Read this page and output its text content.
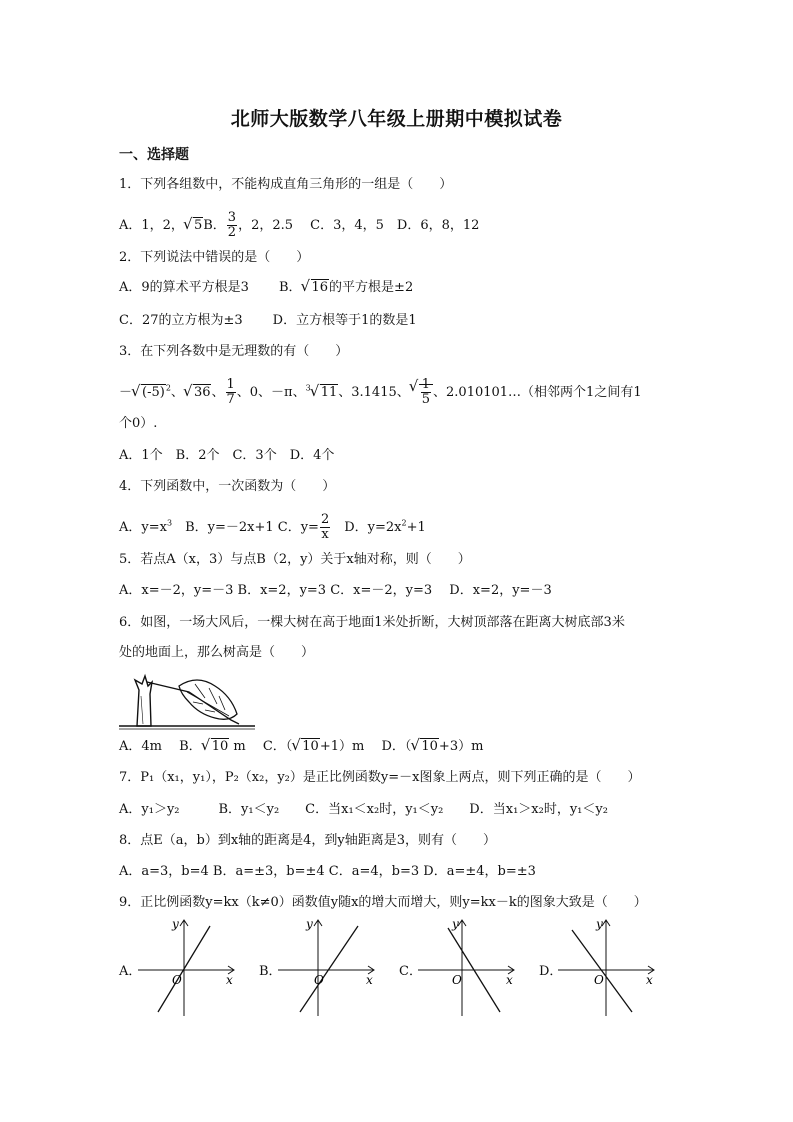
北师大版数学八年级上册期中模拟试卷
一、选择题
1．下列各组数中，不能构成直角三角形的一组是（　　）
A．1，2， √ 5B． $\frac{3}{2}$ ，2，2.5　 C．3，4，5　D．6，8，12
2．下列说法中错误的是（　　）
A．9的算术平方根是3 B． √ 16的平方根是±2
C．27的立方根为±3 D．立方根等于1的数是1
3．在下列各数中是无理数的有（　　）
－ √ $(-5)^2$、 √ 36、 $\frac{1}{7}$ 、0、－π、$^3$ √ 11、3.1415、 √ $\frac{1}{5}$ 、2.010101…（相邻两个1之间有1
个0）.
A．1个　B．2个　C．3个　D．4个
4．下列函数中，一次函数为（　　）
A．$y=x^3$　B．y=－2x+1 C．$y= \frac{2}{x}$ 　D．$y=2x^2+1$
5．若点A（x，3）与点B（2，y）关于x轴对称，则（　　）
A．x=－2，y=－3 B．x=2，y=3 C．x=－2，y=3　 D．x=2，y=－3
6．如图，一场大风后，一棵大树在高于地面1米处折断，大树顶部落在距离大树底部3米
处的地面上，那么树高是（　　）
A．4m　 B． √ 10 m　 C．（ √ 10+1）m　 D．（ √ 10+3）m
7．P₁（x₁，y₁），P₂（x₂，y₂）是正比例函数y=－x图象上两点，则下列正确的是（　　）
A．y₁＞y₂　　　B．y₁＜y₂　　C．当x₁＜x₂时，y₁＜y₂　　D．当x₁＞x₂时，y₁＜y₂
8．点E（a，b）到x轴的距离是4，到y轴距离是3，则有（　　）
A．a=3，b=4 B．a=±3，b=±4 C．a=4，b=3 D．a=±4，b=±3
9．正比例函数y=kx（k≠0）函数值y随x的增大而增大，则y=kx－k的图象大致是（　　）
A．
y
x
O
B．
y
x
O
C．
y
x
O
D．
y
x
O
